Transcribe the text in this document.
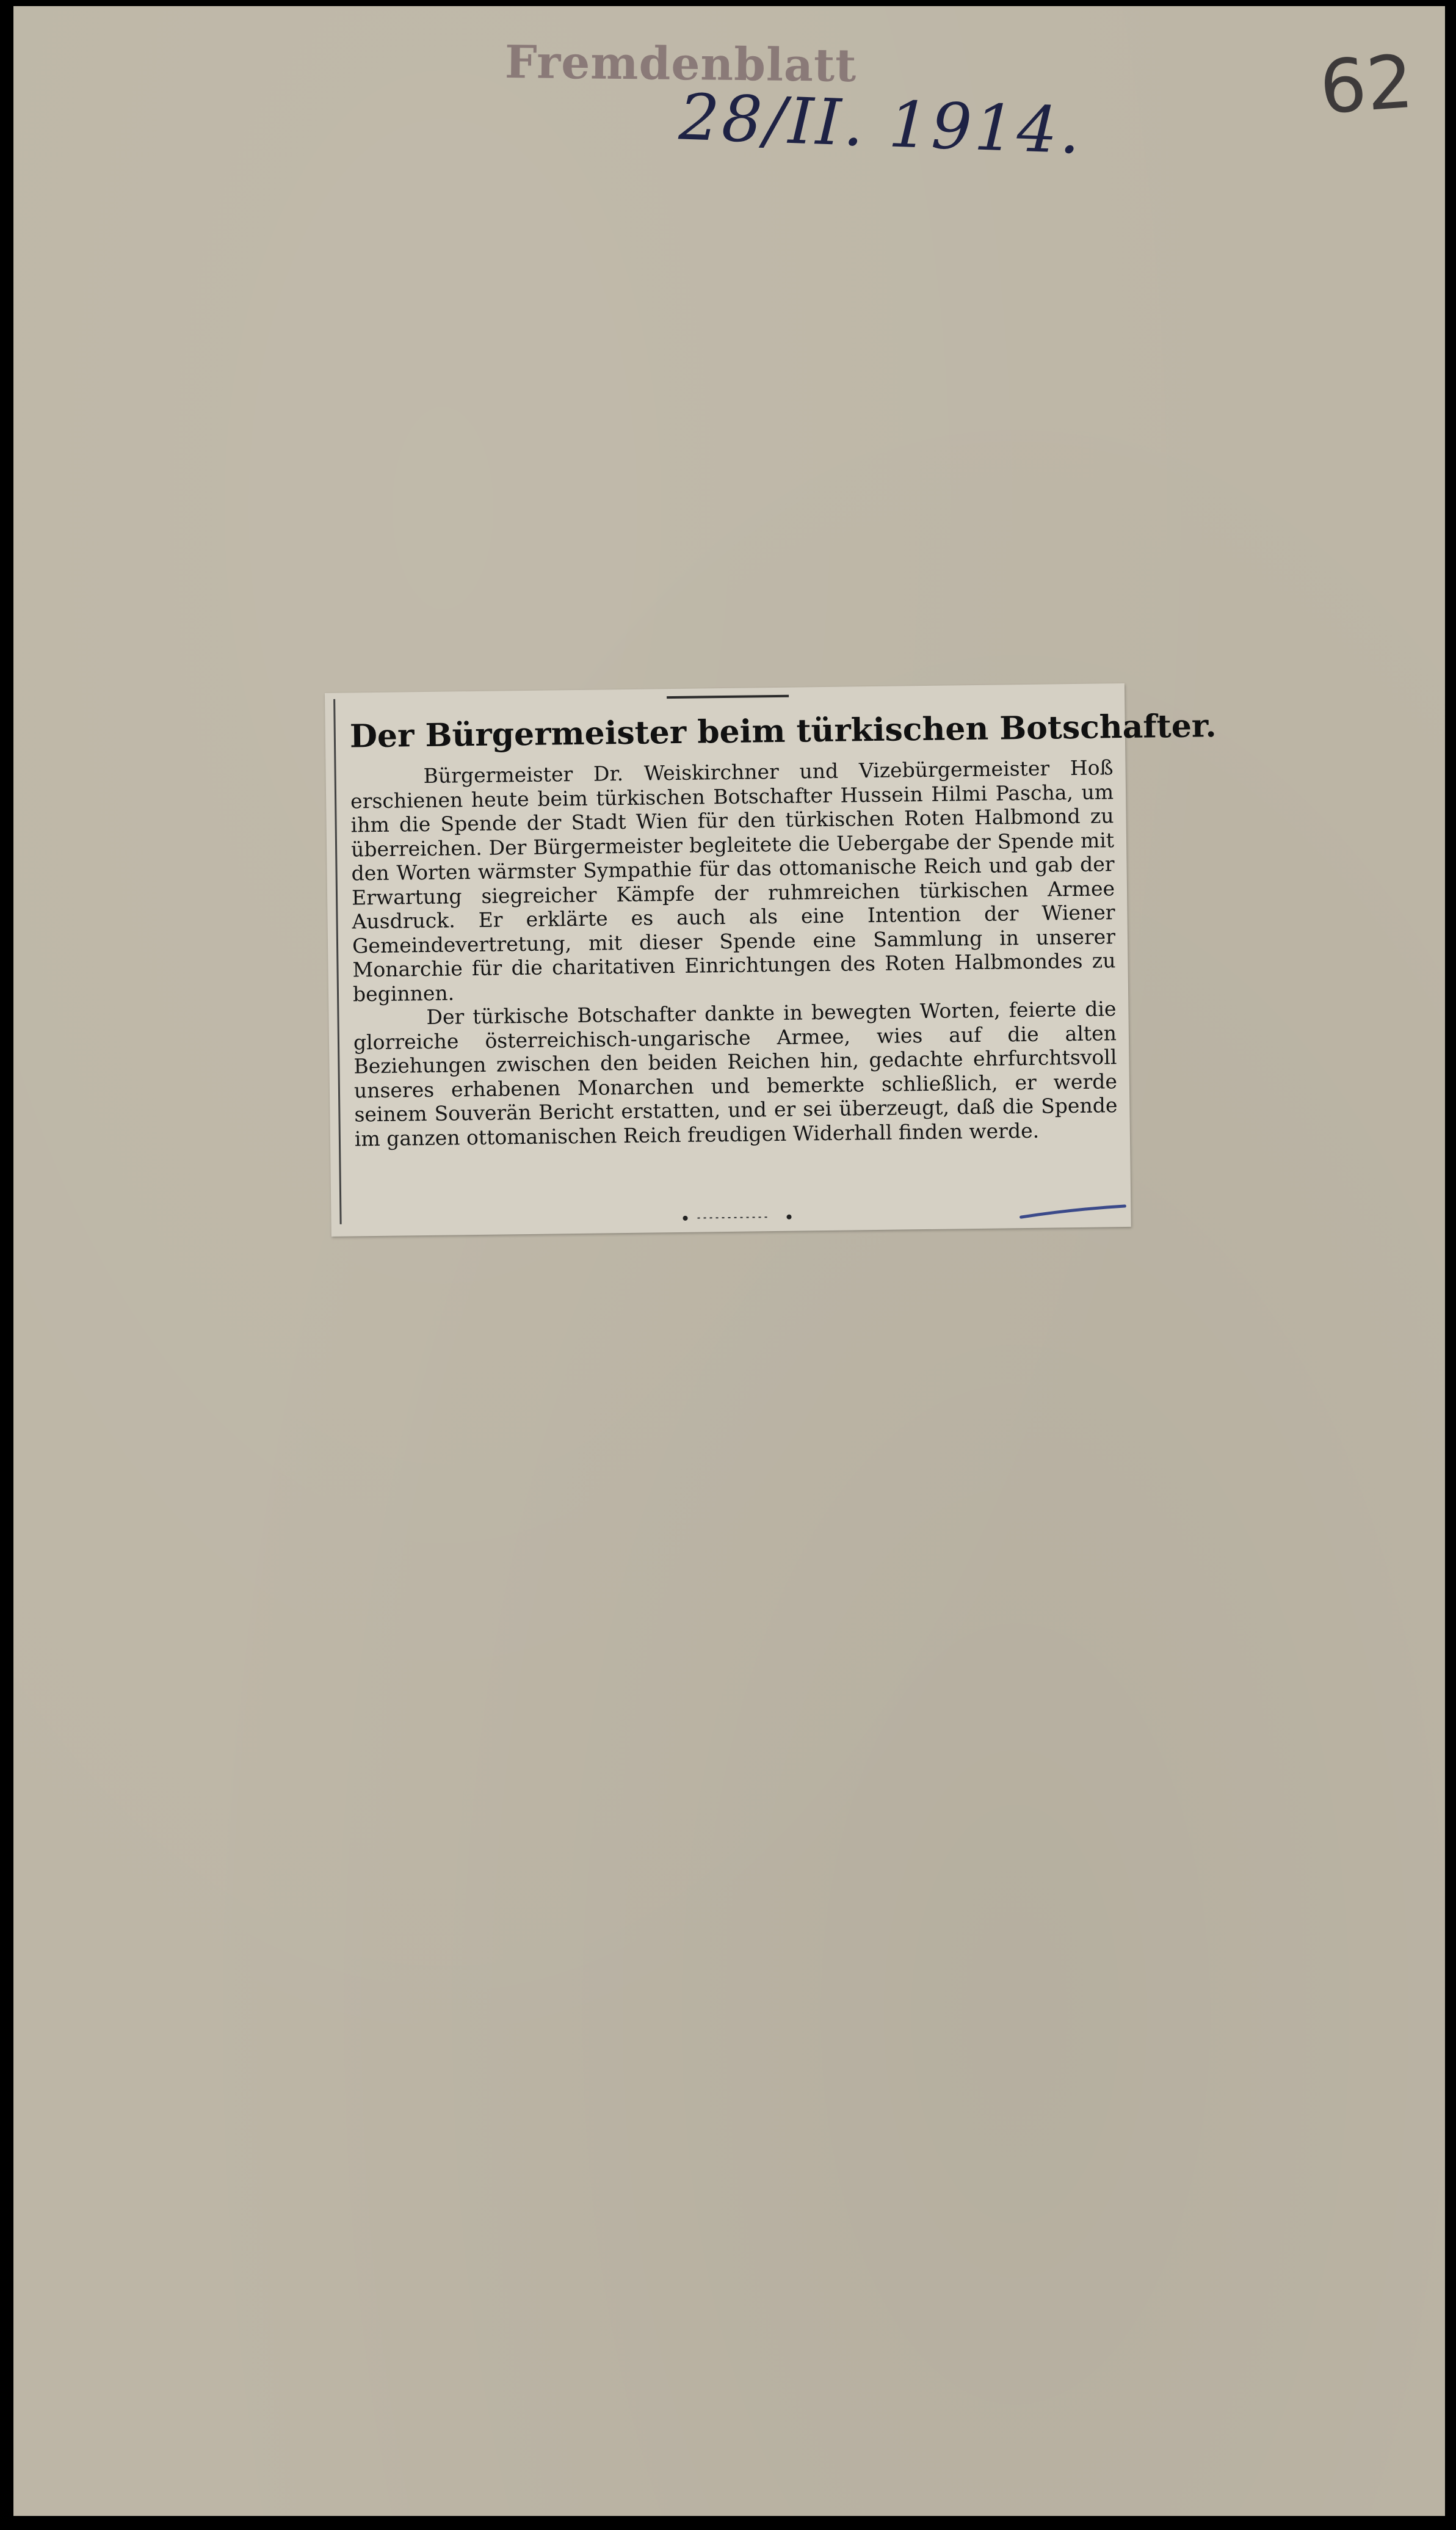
Fremdenblatt
28/II. 1914.	62
Der Bürgermeister beim türkischen Botschafter.

Bürgermeister Dr. Weiskirchner und Vizebürgermeister Hoß erschienen heute beim türkischen Botschafter Hussein Hilmi Pascha, um ihm die Spende der Stadt Wien für den türkischen Roten Halbmond zu überreichen. Der Bürgermeister begleitete die Uebergabe der Spende mit den Worten wärmster Sympathie für das ottomanische Reich und gab der Erwartung siegreicher Kämpfe der ruhmreichen türkischen Armee Ausdruck. Er erklärte es auch als eine Intention der Wiener Gemeindevertretung, mit dieser Spende eine Sammlung in unserer Monarchie für die charitativen Einrichtungen des Roten Halbmondes zu beginnen.

Der türkische Botschafter dankte in bewegten Worten, feierte die glorreiche österreichisch-ungarische Armee, wies auf die alten Beziehungen zwischen den beiden Reichen hin, gedachte ehrfurchtsvoll unseres erhabenen Monarchen und bemerkte schließlich, er werde seinem Souverän Bericht erstatten, und er sei überzeugt, daß die Spende im ganzen ottomanischen Reich freudigen Widerhall finden werde.
